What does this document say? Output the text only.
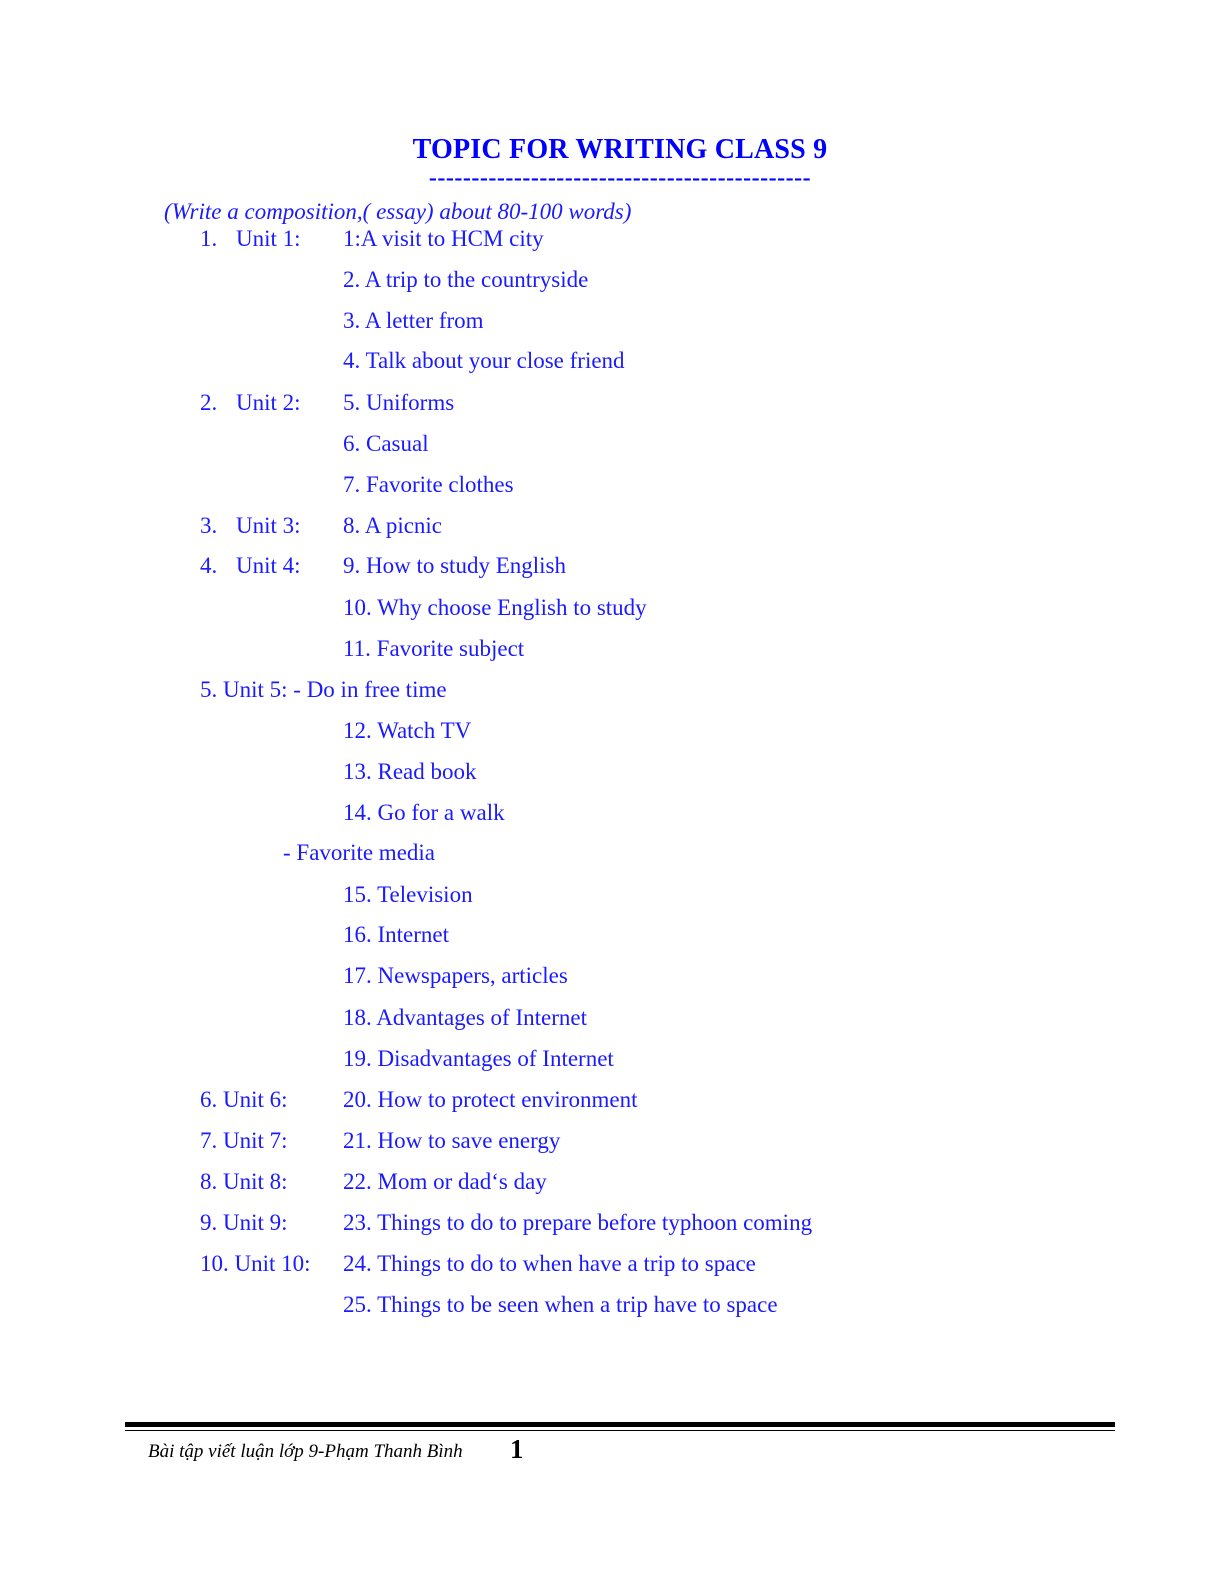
TOPIC FOR WRITING CLASS 9
---------------------------------------------
(Write a composition,( essay) about 80-100 words)
1. Unit 1: 1:A visit to HCM city
2. A trip to the countryside
3. A letter from
4. Talk about your close friend
2. Unit 2: 5. Uniforms
6. Casual
7. Favorite clothes
3. Unit 3: 8. A picnic
4. Unit 4: 9. How to study English
10. Why choose English to study
11. Favorite subject
5. Unit 5: - Do in free time
12. Watch TV
13. Read book
14. Go for a walk
- Favorite media
15. Television
16. Internet
17. Newspapers, articles
18. Advantages of Internet
19. Disadvantages of Internet
6. Unit 6: 20. How to protect environment
7. Unit 7: 21. How to save energy
8. Unit 8: 22. Mom or dad‘s day
9. Unit 9: 23. Things to do to prepare before typhoon coming
10. Unit 10: 24. Things to do to when have a trip to space
25. Things to be seen when a trip have to space
Bài tập viết luận lớp 9-Phạm Thanh Bình 1
